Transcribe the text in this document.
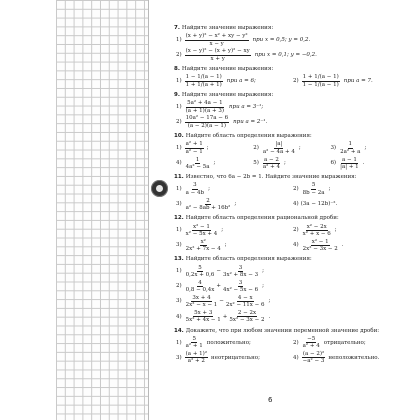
7. Найдите значение выражения:
$1) \frac{\text{(x + y)² − x² + xy − y²}}{x - y}$ при x = 0,5; y = 0,2.
$2) \frac{\text{(x − y)² − (x + y)² − xy}}{x + y}$ при x = 0,1; y = −0,2.
8. Найдите значение выражения:
$1) \frac{1 - 1/(a - 1)}{1 + 1/(a + 1)}$ при a = 6;	$2) \frac{1 + 1/(a - 1)}{1 - 1/(a - 1)}$ при a = 7.
9. Найдите значение выражения:
$1) \frac{\text{5a² + 4a − 1}}{(a + 1)(a + 3)}$ при a = 3⁻¹;
$2) \frac{\text{10a² − 17a − 6}}{(a - 2)(a - 1)}$ при a = 2⁻¹.
10. Найдите область определения выражения:
$1) \frac{\text{a² + 1}}{\text{a² − 1}}$ ;	$2) \frac{|a|}{\text{a² − 4a + 4}}$ ;	$3) \frac{1}{\text{2a² + a}}$ ;
$4) \frac{1}{\text{4a² − 5a}}$ ;	$5) \frac{a - 2}{\text{a² + 4}}$ ;	$6) \frac{a - 1}{|a| + 1}$ .
11. Известно, что 6a − 2b = 1. Найдите значение выражения:
$1) \frac{3}{a - 4b}$ ;	$2) \frac{5}{8b - 2a}$ ;
$3) \frac{2}{\text{a² − 8ab + 16b²}}$ ;	4) (3a − 12b)⁻².
12. Найдите область определения рациональной дроби:
$1) \frac{\text{x² − 1}}{\text{x² − 5x + 4}}$ ;	$2) \frac{\text{x² − 2x}}{\text{x² + x − 6}}$ ;
$3) \frac{\text{x²}}{\text{2x² + 7x − 4}}$ ;	$4) \frac{\text{x² − 1}}{\text{2x² − 3x − 2}}$ .
13. Найдите область определения выражения:
$1) \frac{5}{0,2x + 0,6} - \frac{3}{\text{3x² + 8x − 3}}$ ;
$2) \frac{4}{0,8 - 0,4x} + \frac{3}{\text{4x² − 5x − 6}}$ ;
$3) \frac{3x + 4}{\text{2x² − x − 1}} - \frac{4 - x}{\text{2x² − 11x − 6}}$ ;
$4) \frac{5x + 3}{\text{5x² + 4x − 1}} + \frac{2 - 2x}{\text{5x² − 3x − 2}}$ .
14. Докажите, что при любом значении переменной значение дроби:
$1) \frac{5}{\text{a² + 1}}$ положительно;	$2) \frac{-5}{\text{a² + 4}}$ отрицательно;
$3) \frac{\text{(a + 1)²}}{\text{a² + 2}}$ неотрицательно;	$4) \frac{\text{(a − 2)²}}{\text{−a² − 3}}$ неположительно.
6
